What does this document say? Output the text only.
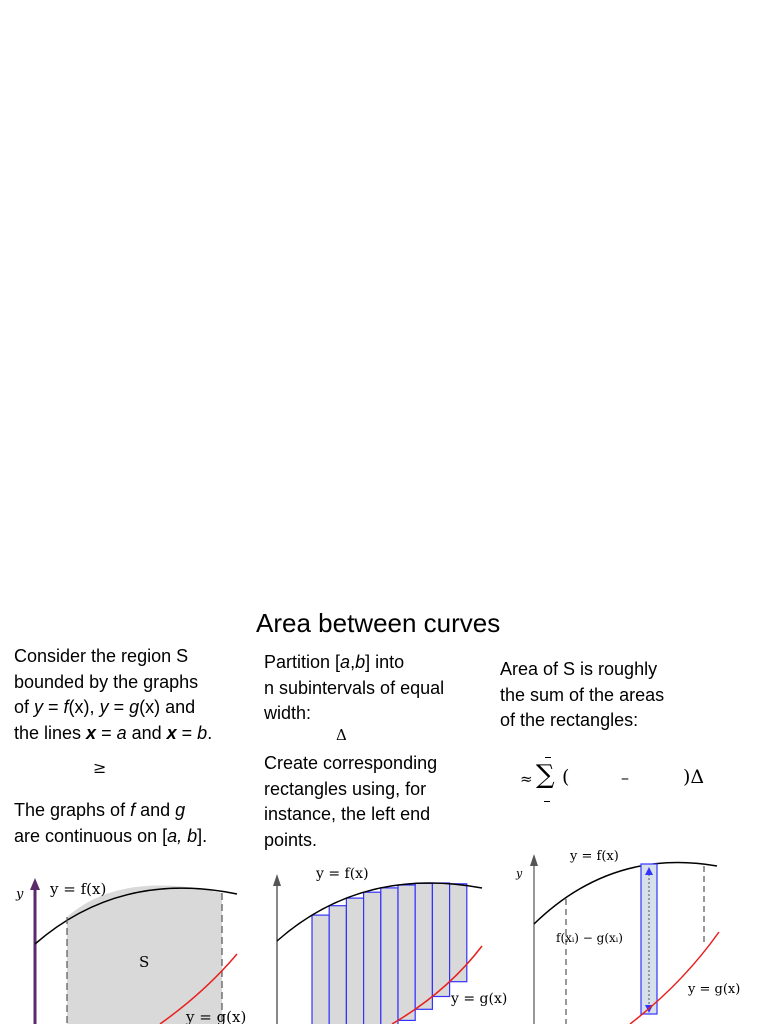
Area between curves

Consider the region S

bounded by the graphs

of y = f(x), y = g(x) and

the lines x = a and x = b.

≥

The graphs of f and g

are continuous on [a, b].

Partition [a,b] into

n subintervals of equal

width:

Δ

Create corresponding

rectangles using, for

instance, the left end

points.

Area of S is roughly

the sum of the areas

of the rectangles:

≈ ∑ (	–	)Δ
y y = f(x)
S
y = g(x)
y = f(x)
y = g(x)
y
y = f(x)
f(xᵢ) − g(xᵢ)
y = g(x)
